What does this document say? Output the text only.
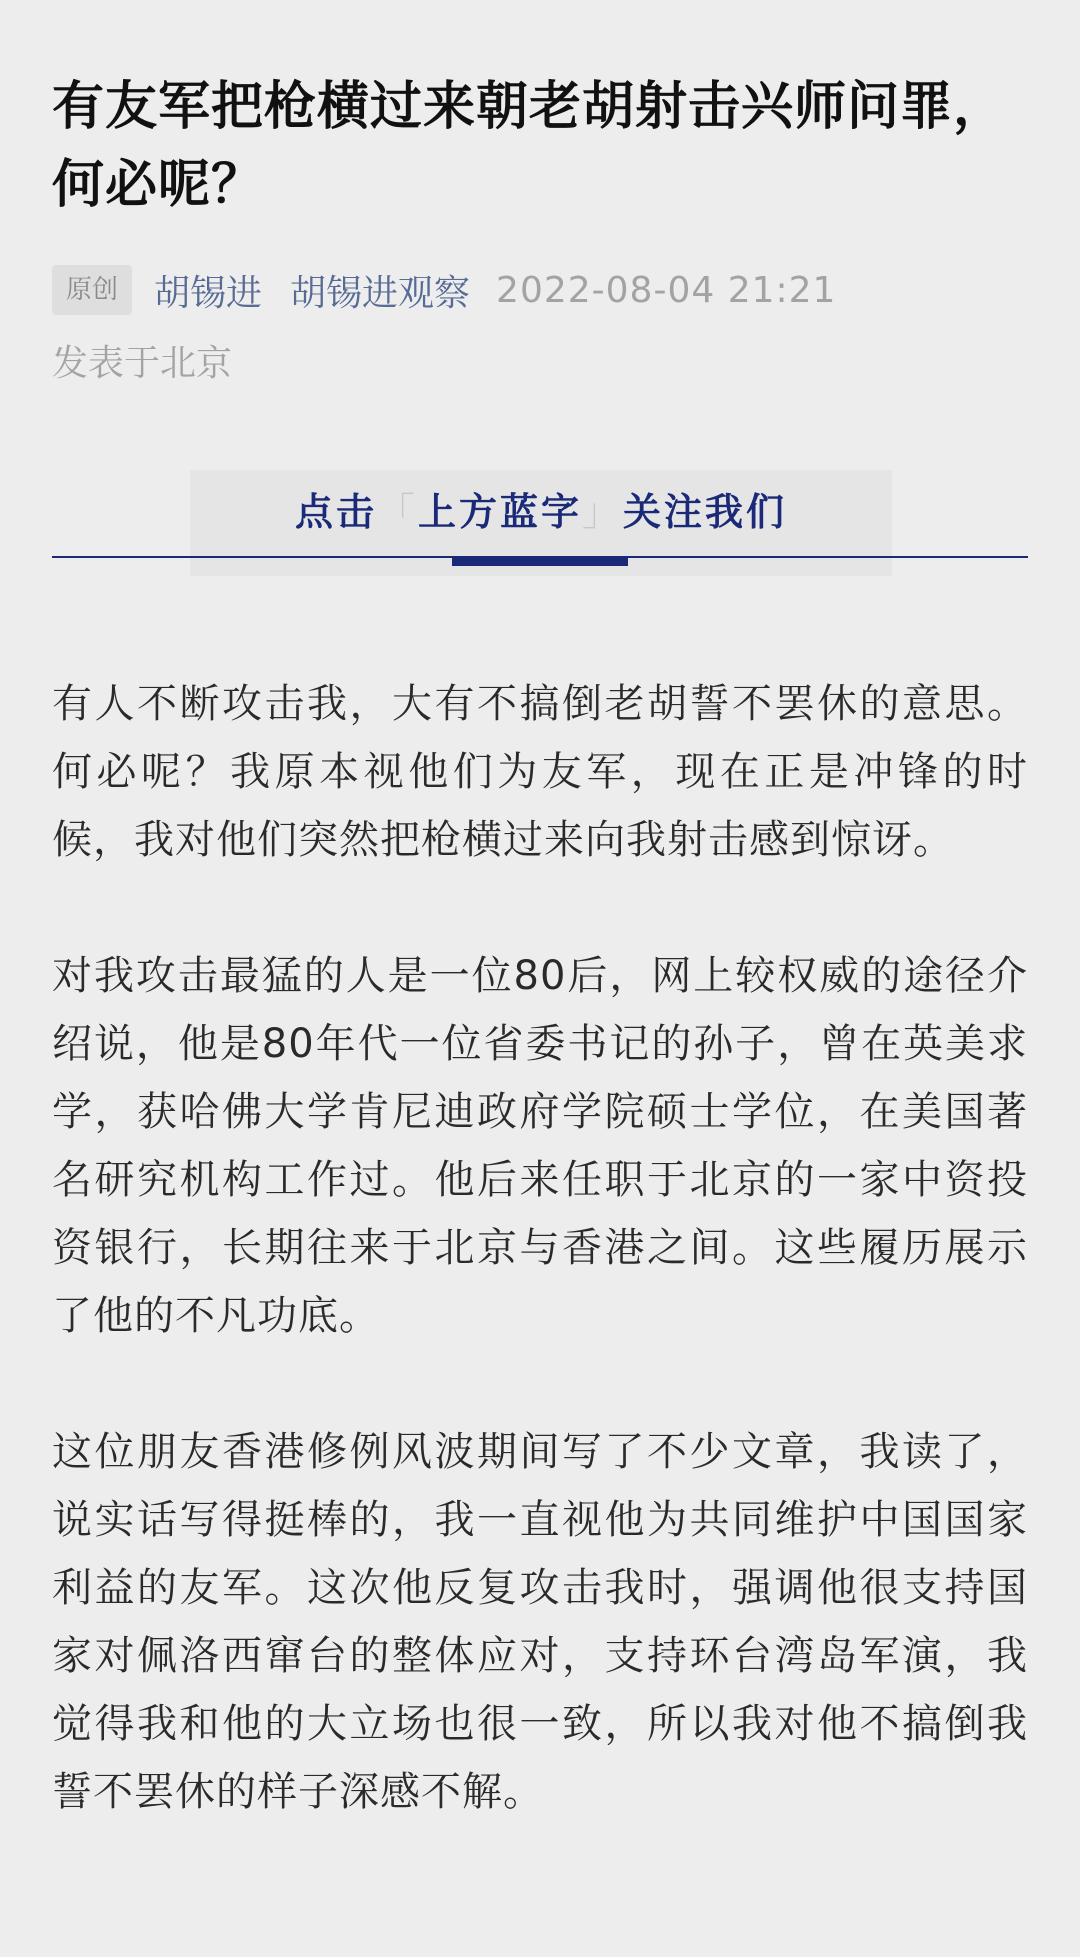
有友军把枪横过来朝老胡射击兴师问罪，何必呢？
原创	胡锡进 胡锡进观察 2022-08-04 21:21
发表于北京
点击「上方蓝字」关注我们

有人不断攻击我，大有不搞倒老胡誓不罢休的意思。何必呢？我原本视他们为友军，现在正是冲锋的时候，我对他们突然把枪横过来向我射击感到惊讶。

对我攻击最猛的人是一位80后，网上较权威的途径介绍说，他是80年代一位省委书记的孙子，曾在英美求学，获哈佛大学肯尼迪政府学院硕士学位，在美国著名研究机构工作过。他后来任职于北京的一家中资投资银行，长期往来于北京与香港之间。这些履历展示了他的不凡功底。

这位朋友香港修例风波期间写了不少文章，我读了，说实话写得挺棒的，我一直视他为共同维护中国国家利益的友军。这次他反复攻击我时，强调他很支持国家对佩洛西窜台的整体应对，支持环台湾岛军演，我觉得我和他的大立场也很一致，所以我对他不搞倒我誓不罢休的样子深感不解。
